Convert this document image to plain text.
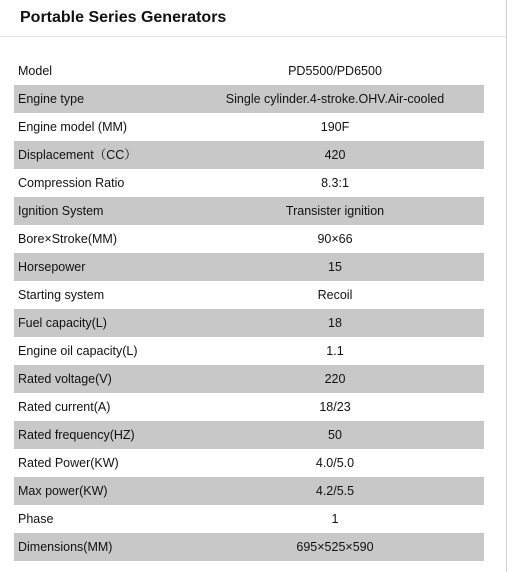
Portable Series Generators
Model	PD5500/PD6500
Engine type	Single cylinder.4-stroke.OHV.Air-cooled
Engine model (MM)	190F
Displacement（CC）	420
Compression Ratio	8.3:1
Ignition System	Transister ignition
Bore×Stroke(MM)	90×66
Horsepower	15
Starting system	Recoil
Fuel capacity(L)	18
Engine oil capacity(L)	1.1
Rated voltage(V)	220
Rated current(A)	18/23
Rated frequency(HZ)	50
Rated Power(KW)	4.0/5.0
Max power(KW)	4.2/5.5
Phase	1
Dimensions(MM)	695×525×590
